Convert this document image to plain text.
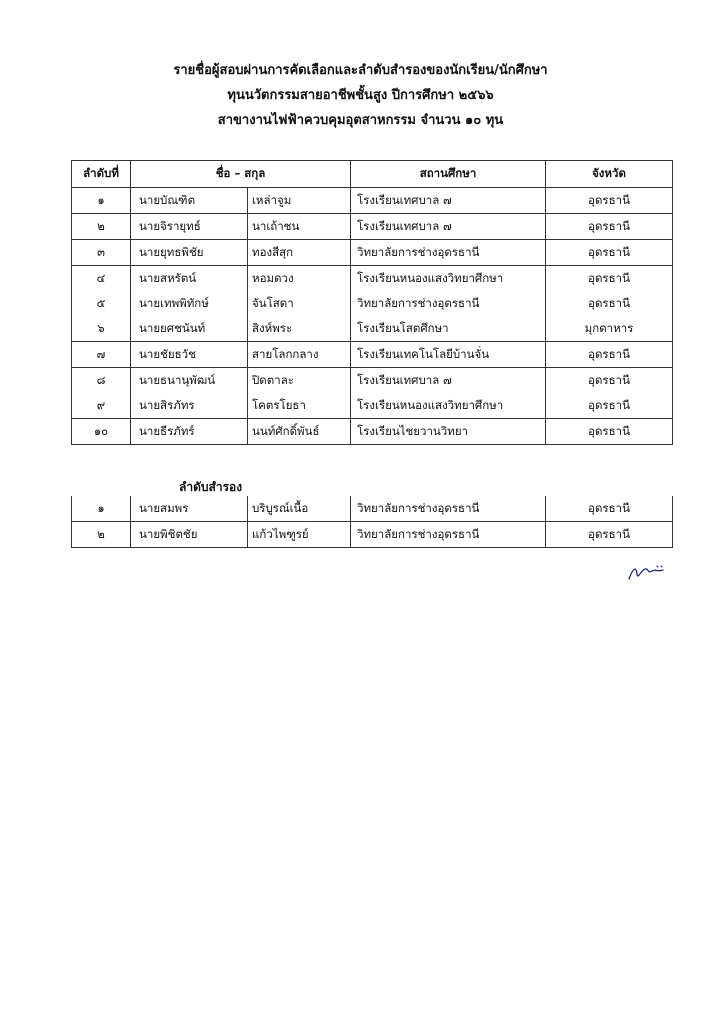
รายชื่อผู้สอบผ่านการคัดเลือกและลำดับสำรองของนักเรียน/นักศึกษา
ทุนนวัตกรรมสายอาชีพชั้นสูง ปีการศึกษา ๒๕๖๖
สาขางานไฟฟ้าควบคุมอุตสาหกรรม จำนวน ๑๐ ทุน
ลำดับที่	ชื่อ – สกุล		สถานศึกษา	จังหวัด
๑	นายบัณฑิต	เหล่าจูม	โรงเรียนเทศบาล ๗	อุดรธานี
๒	นายจิรายุทธ์	นาเถ้าชน	โรงเรียนเทศบาล ๗	อุดรธานี
๓	นายยุทธพิชัย	ทองสีสุก	วิทยาลัยการช่างอุดรธานี	อุดรธานี
๔	นายสหรัตน์	หอมดวง	โรงเรียนหนองแสงวิทยาศึกษา	อุดรธานี
๕	นายเทพพิทักษ์	จันโสดา	วิทยาลัยการช่างอุดรธานี	อุดรธานี
๖	นายยศชนันท์	สิงห์พระ	โรงเรียนโสตศึกษา	มุกดาหาร
๗	นายชัยธวัช	สายโลกกลาง	โรงเรียนเทคโนโลยีบ้านจั่น	อุดรธานี
๘	นายธนานุพัฒน์	ปิดตาละ	โรงเรียนเทศบาล ๗	อุดรธานี
๙	นายสิรภัทร	โคตรโยธา	โรงเรียนหนองแสงวิทยาศึกษา	อุดรธานี
๑๐	นายธีรภัทร์	นนท์ศักดิ์พันธ์	โรงเรียนไชยวานวิทยา	อุดรธานี
ลำดับสำรอง
๑	นายสมพร	บริบูรณ์เนื้อ	วิทยาลัยการช่างอุดรธานี	อุดรธานี
๒	นายพิชิตชัย	แก้วไพฑูรย์	วิทยาลัยการช่างอุดรธานี	อุดรธานี
